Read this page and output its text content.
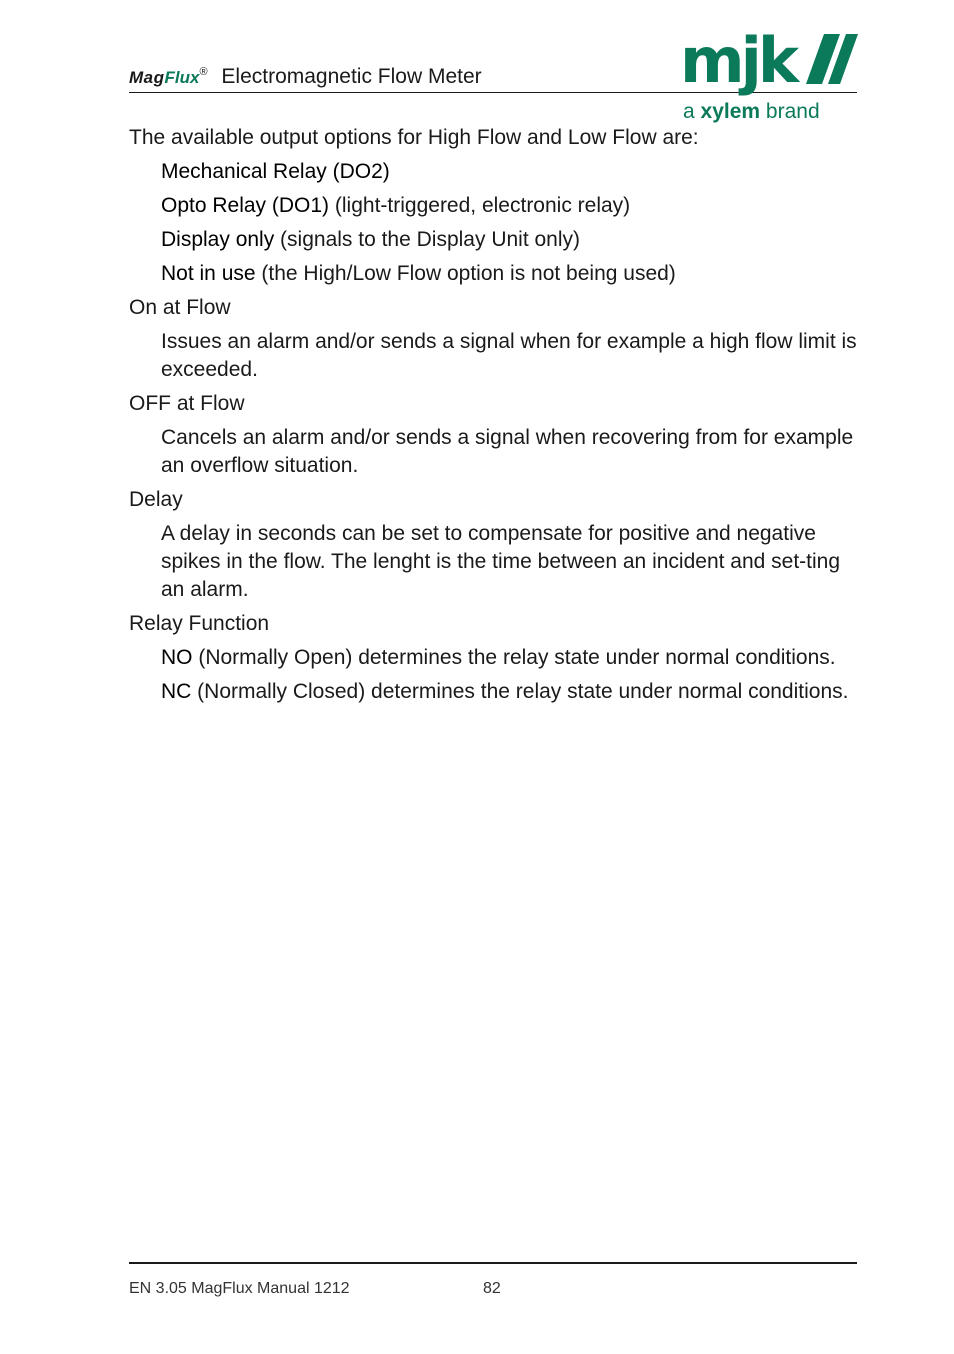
MagFlux® Electromagnetic Flow Meter	mjk
a xylem brand

The available output options for High Flow and Low Flow are:

Mechanical Relay (DO2)

Opto Relay (DO1) (light-triggered, electronic relay)

Display only (signals to the Display Unit only)

Not in use (the High/Low Flow option is not being used)

On at Flow

Issues an alarm and/or sends a signal when for example a high flow limit is exceeded.

OFF at Flow

Cancels an alarm and/or sends a signal when recovering from for example an overflow situation.

Delay

A delay in seconds can be set to compensate for positive and negative spikes in the flow. The lenght is the time between an incident and set-ting an alarm.

Relay Function

NO (Normally Open) determines the relay state under normal conditions.

NC (Normally Closed) determines the relay state under normal conditions.

EN 3.05 MagFlux Manual 1212	82
